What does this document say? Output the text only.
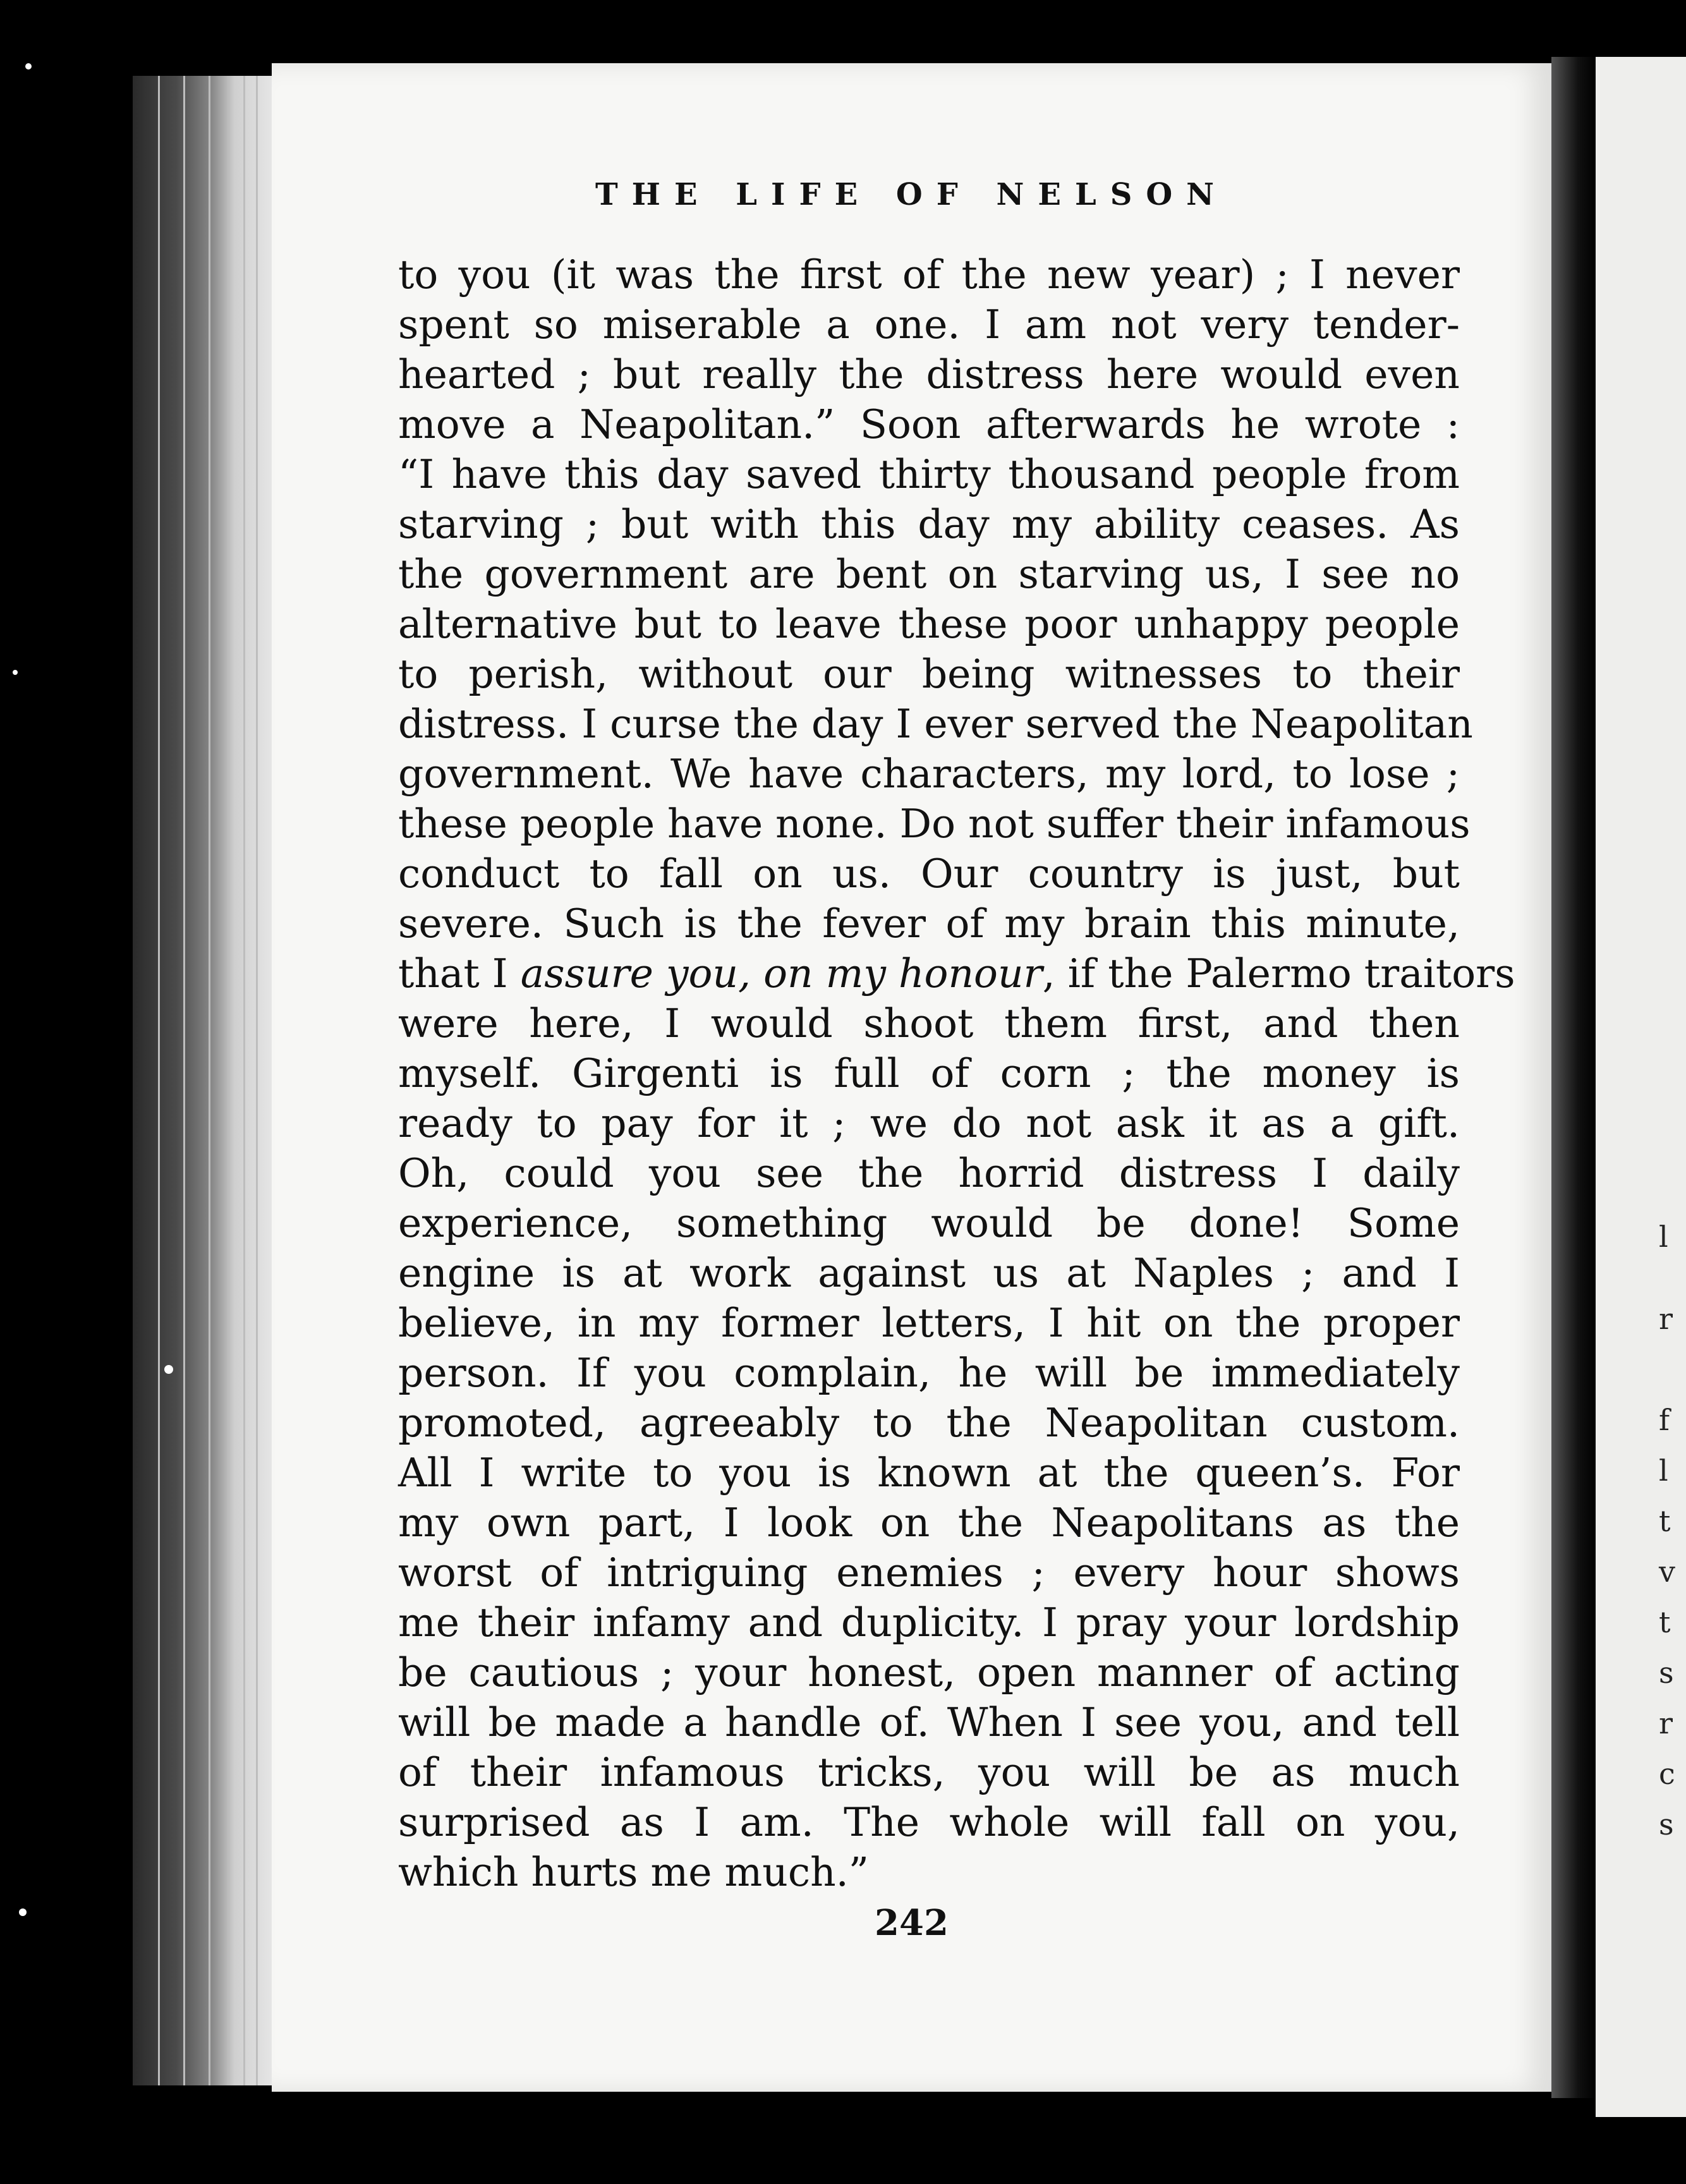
l
r
f
l
t
v
t
s
r
c
s
THE LIFE OF NELSON
to you (it was the first of the new year) ; I never
spent so miserable a one. I am not very tender-
hearted ; but really the distress here would even
move a Neapolitan.” Soon afterwards he wrote :
“I have this day saved thirty thousand people from
starving ; but with this day my ability ceases. As
the government are bent on starving us, I see no
alternative but to leave these poor unhappy people
to perish, without our being witnesses to their
distress. I curse the day I ever served the Neapolitan
government. We have characters, my lord, to lose ;
these people have none. Do not suffer their infamous
conduct to fall on us. Our country is just, but
severe. Such is the fever of my brain this minute,
that I assure you, on my honour, if the Palermo traitors
were here, I would shoot them first, and then
myself. Girgenti is full of corn ; the money is
ready to pay for it ; we do not ask it as a gift.
Oh, could you see the horrid distress I daily
experience, something would be done! Some
engine is at work against us at Naples ; and I
believe, in my former letters, I hit on the proper
person. If you complain, he will be immediately
promoted, agreeably to the Neapolitan custom.
All I write to you is known at the queen’s. For
my own part, I look on the Neapolitans as the
worst of intriguing enemies ; every hour shows
me their infamy and duplicity. I pray your lordship
be cautious ; your honest, open manner of acting
will be made a handle of. When I see you, and tell
of their infamous tricks, you will be as much
surprised as I am. The whole will fall on you,
which hurts me much.”
242
